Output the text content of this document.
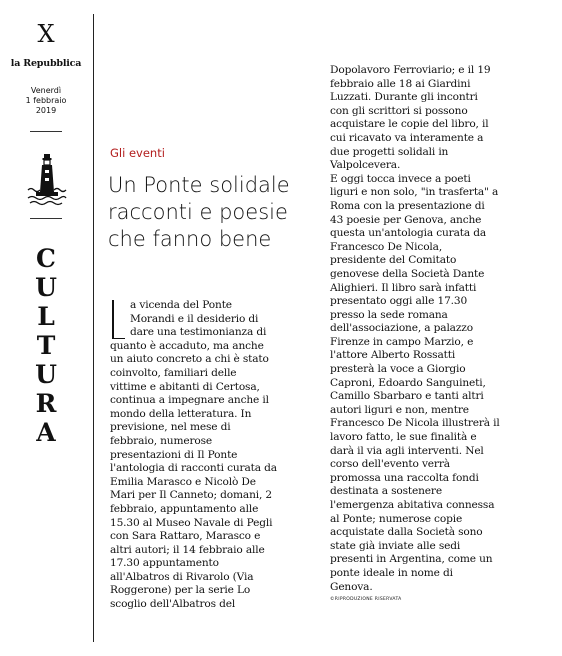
X
la Repubblica
Venerdì
1 febbraio
2019
C
U
L
T
U
R
A
Gli eventi
Un Ponte solidale
racconti e poesie
che fanno bene
a vicenda del Ponte
Morandi e il desiderio di
dare una testimonianza di
quanto è accaduto, ma anche
un aiuto concreto a chi è stato
coinvolto, familiari delle
vittime e abitanti di Certosa,
continua a impegnare anche il
mondo della letteratura. In
previsione, nel mese di
febbraio, numerose
presentazioni di Il Ponte
l'antologia di racconti curata da
Emilia Marasco e Nicolò De
Mari per Il Canneto; domani, 2
febbraio, appuntamento alle
15.30 al Museo Navale di Pegli
con Sara Rattaro, Marasco e
altri autori; il 14 febbraio alle
17.30 appuntamento
all'Albatros di Rivarolo (Via
Roggerone) per la serie Lo
scoglio dell'Albatros del
Dopolavoro Ferroviario; e il 19
febbraio alle 18 ai Giardini
Luzzati. Durante gli incontri
con gli scrittori si possono
acquistare le copie del libro, il
cui ricavato va interamente a
due progetti solidali in
Valpolcevera.
E oggi tocca invece a poeti
liguri e non solo, "in trasferta" a
Roma con la presentazione di
43 poesie per Genova, anche
questa un'antologia curata da
Francesco De Nicola,
presidente del Comitato
genovese della Società Dante
Alighieri. Il libro sarà infatti
presentato oggi alle 17.30
presso la sede romana
dell'associazione, a palazzo
Firenze in campo Marzio, e
l'attore Alberto Rossatti
presterà la voce a Giorgio
Caproni, Edoardo Sanguineti,
Camillo Sbarbaro e tanti altri
autori liguri e non, mentre
Francesco De Nicola illustrerà il
lavoro fatto, le sue finalità e
darà il via agli interventi. Nel
corso dell'evento verrà
promossa una raccolta fondi
destinata a sostenere
l'emergenza abitativa connessa
al Ponte; numerose copie
acquistate dalla Società sono
state già inviate alle sedi
presenti in Argentina, come un
ponte ideale in nome di
Genova.
©RIPRODUZIONE RISERVATA
